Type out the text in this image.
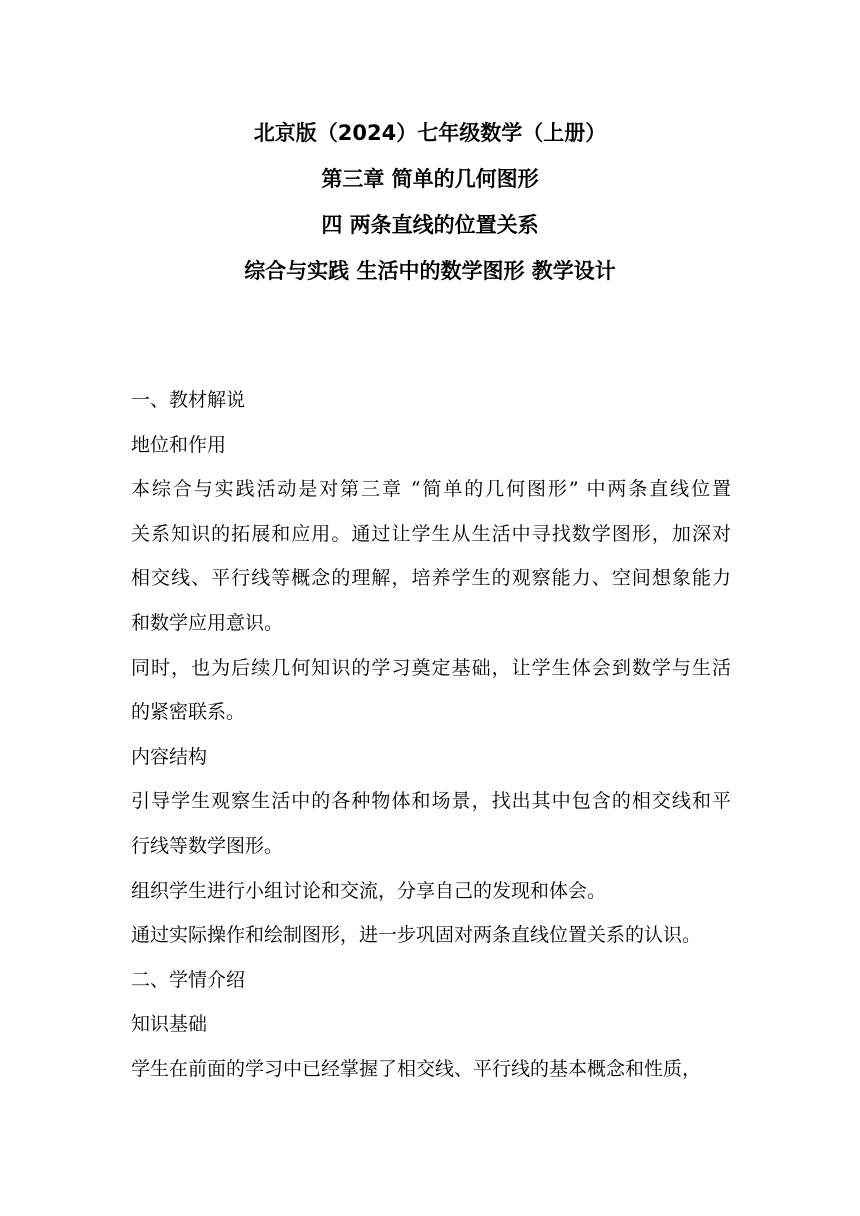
北京版（2024）七年级数学（上册）
第三章 简单的几何图形
四 两条直线的位置关系
综合与实践 生活中的数学图形 教学设计
一、教材解说
地位和作用
本综合与实践活动是对第三章 “简单的几何图形” 中两条直线位置
关系知识的拓展和应用。通过让学生从生活中寻找数学图形，加深对
相交线、平行线等概念的理解，培养学生的观察能力、空间想象能力
和数学应用意识。
同时，也为后续几何知识的学习奠定基础，让学生体会到数学与生活
的紧密联系。
内容结构
引导学生观察生活中的各种物体和场景，找出其中包含的相交线和平
行线等数学图形。
组织学生进行小组讨论和交流，分享自己的发现和体会。
通过实际操作和绘制图形，进一步巩固对两条直线位置关系的认识。
二、学情介绍
知识基础
学生在前面的学习中已经掌握了相交线、平行线的基本概念和性质，
